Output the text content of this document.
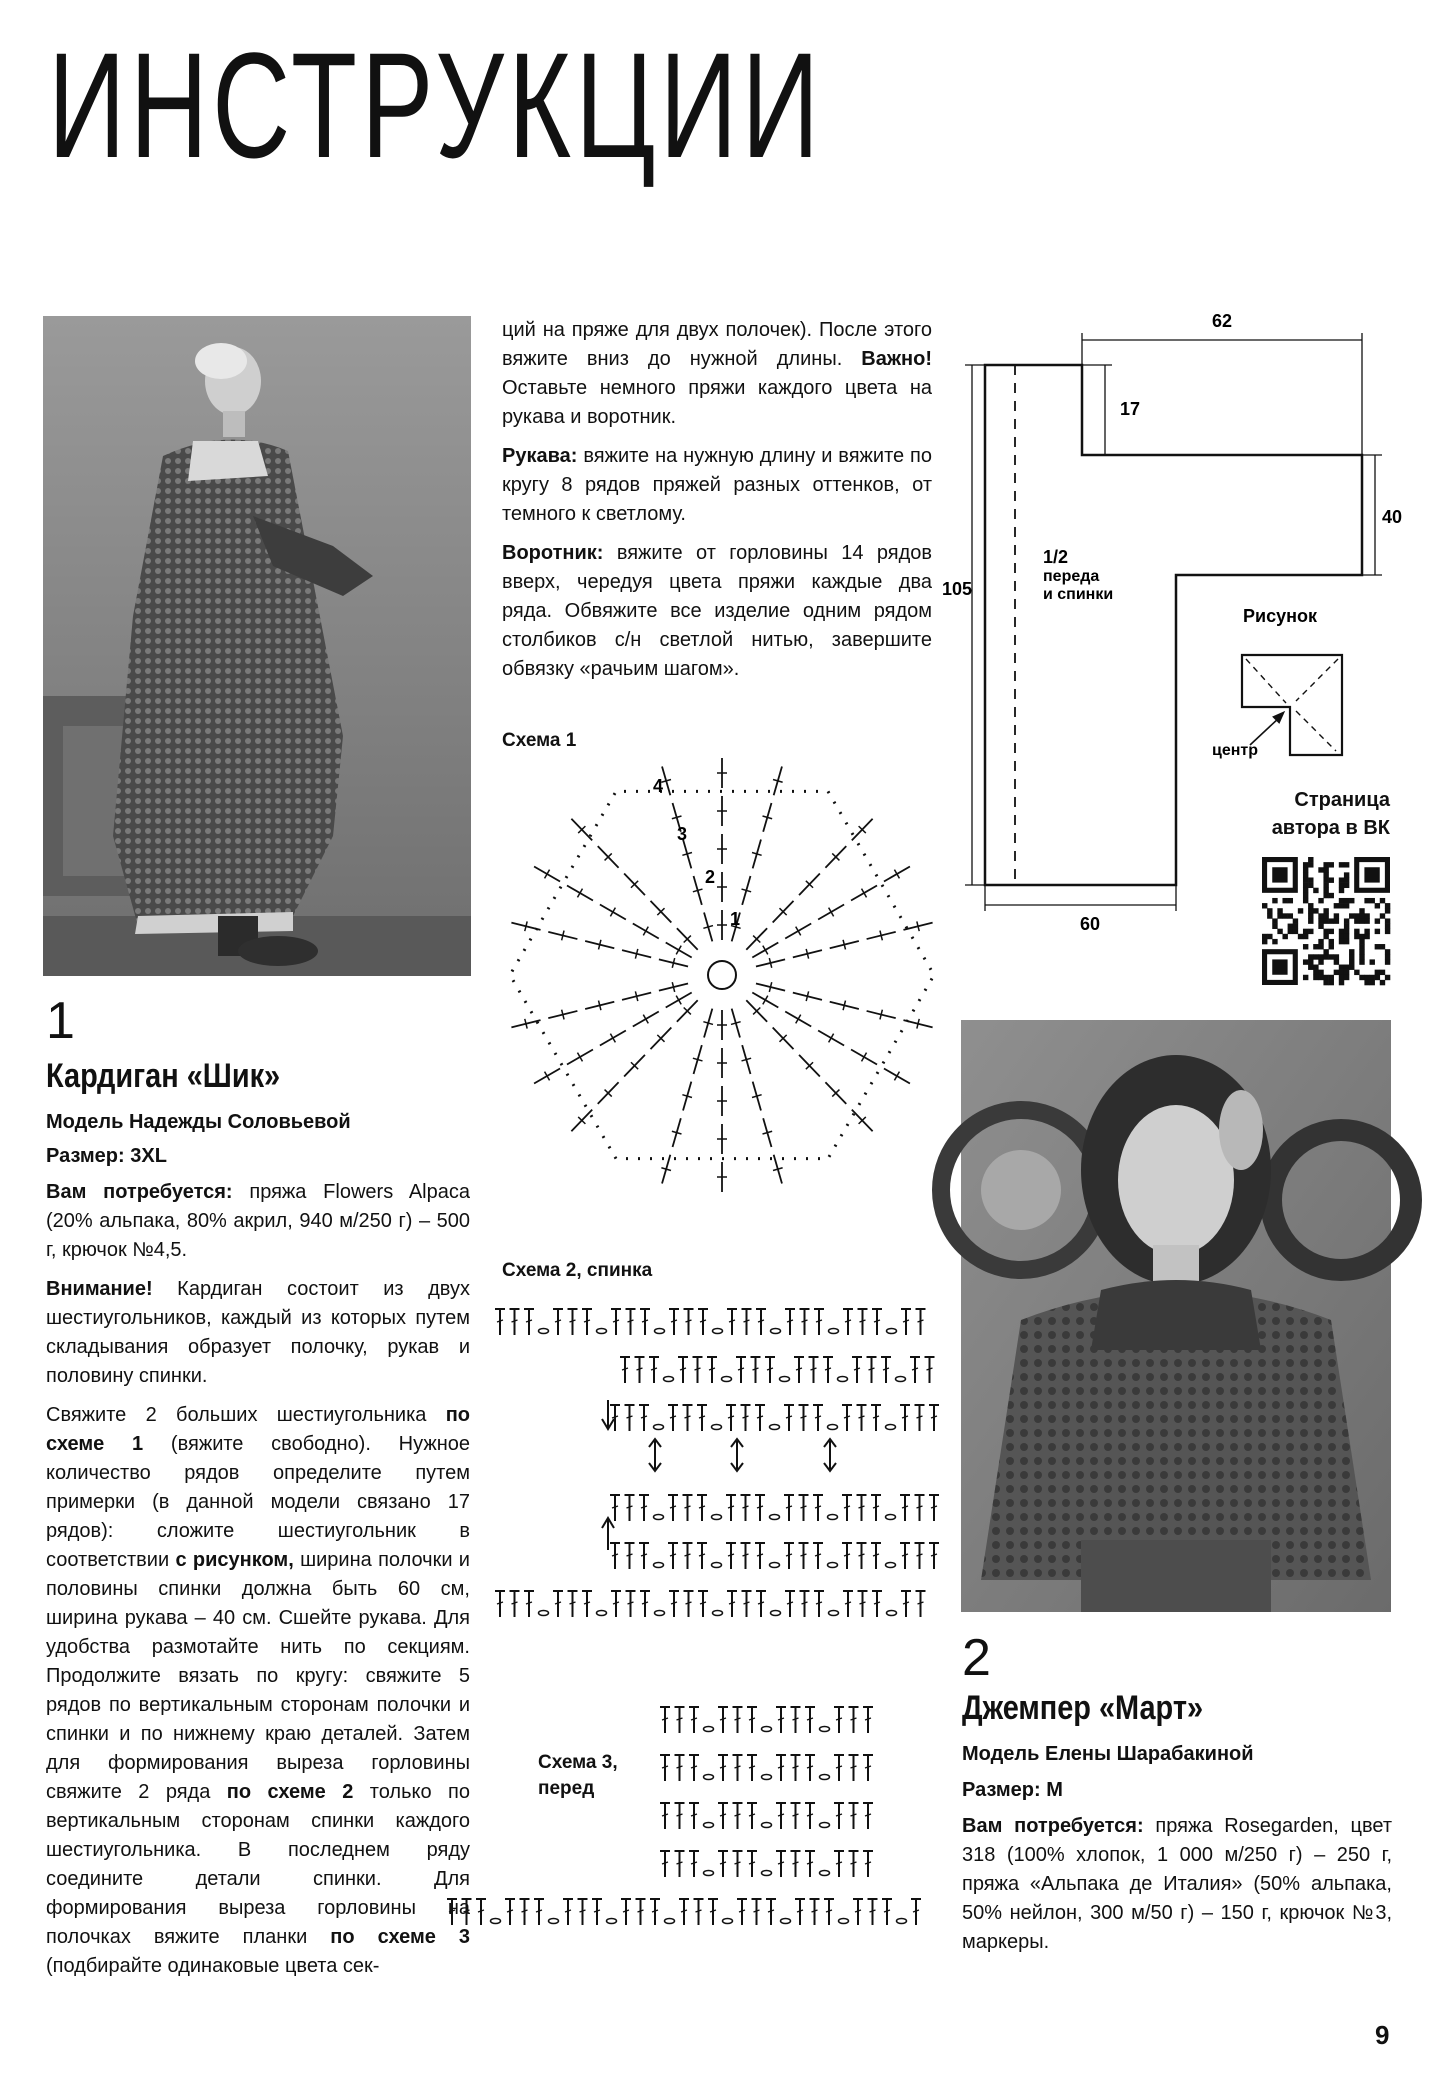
ИНСТРУКЦИИ
1
Кардиган «Шик»
Модель Надежды Соловьевой
Размер: 3XL

Вам потребуется: пряжа Flowers Alpaca (20% альпака, 80% акрил, 940 м/250 г) – 500 г, крючок №4,5.

Внимание! Кардиган состоит из двух шестиугольников, каждый из которых путем складывания образует полочку, рукав и половину спинки.

Свяжите 2 больших шестиугольника по схеме 1 (вяжите свободно). Нужное количество рядов определите путем примерки (в данной модели связано 17 рядов): сложите шестиугольник в соответствии с рисунком, ширина полочки и половины спинки должна быть 60 см, ширина рукава – 40 см. Сшейте рукава. Для удобства размотайте нить по секциям. Продолжите вязать по кругу: свяжите 5 рядов по вертикальным сторонам полочки и спинки и по нижнему краю деталей. Затем для формирования выреза горловины свяжите 2 ряда по схеме 2 только по вертикальным сторонам спинки каждого шестиугольника. В последнем ряду соедините детали спинки. Для формирования выреза горловины на полочках вяжите планки по схеме 3 (подбирайте одинаковые цвета сек-

ций на пряже для двух полочек). После этого вяжите вниз до нужной длины. Важно! Оставьте немного пряжи каждого цвета на рукава и воротник.

Рукава: вяжите на нужную длину и вяжите по кругу 8 рядов пряжей разных оттенков, от темного к светлому.

Воротник: вяжите от горловины 14 рядов вверх, чередуя цвета пряжи каждые два ряда. Обвяжите все изделие одним рядом столбиков с/н светлой нитью, завершите обвязку «рачьим шагом».

Схема 1
4
3
2
1
Схема 2, спинка
Схема 3,
перед
62
17
40
105
60
1/2
переда
и спинки
Рисунок
центр
Страница
автора в ВК
2
Джемпер «Март»
Модель Елены Шарабакиной
Размер: М

Вам потребуется: пряжа Rosegarden, цвет 318 (100% хлопок, 1 000 м/250 г) – 250 г, пряжа «Альпака де Италия» (50% альпака, 50% нейлон, 300 м/50 г) – 150 г, крючок №3, маркеры.

9
